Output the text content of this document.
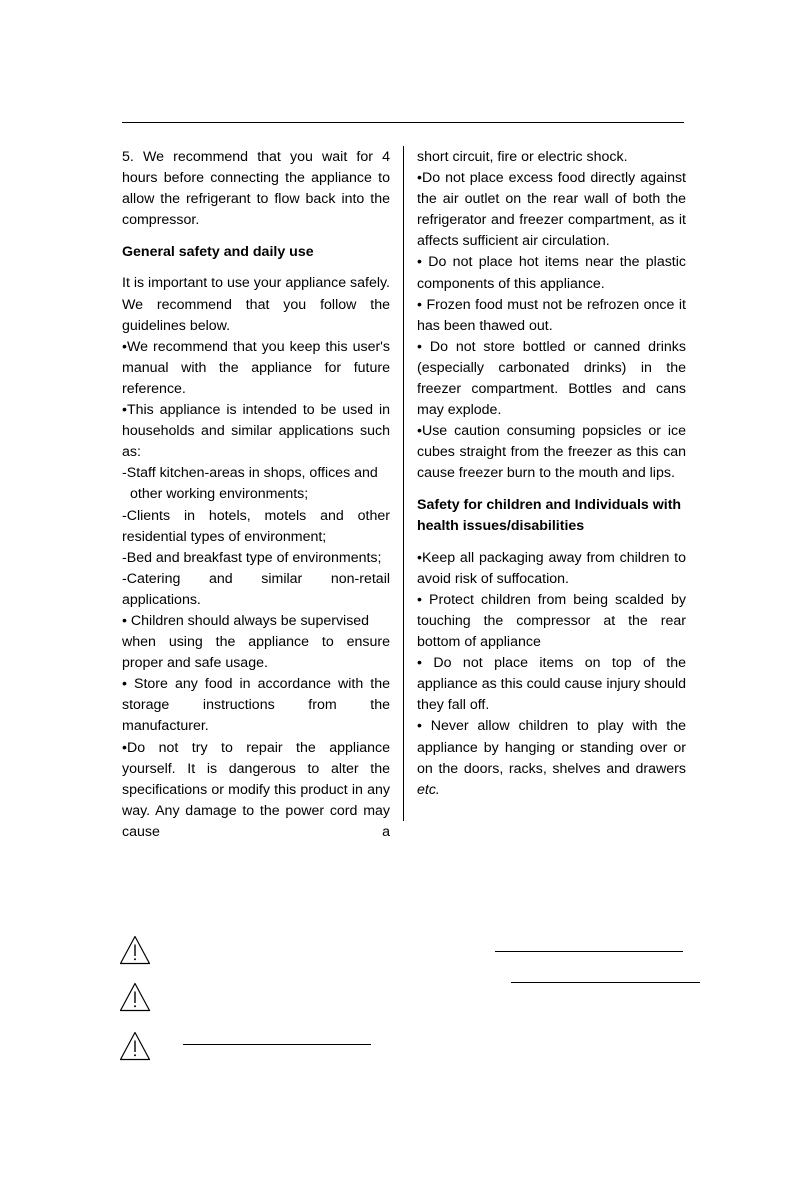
5. We recommend that you wait for 4 hours before connecting the appliance to allow the refrigerant to flow back into the compressor.

General safety and daily use

It is important to use your appliance safely. We recommend that you follow the guidelines below.

•We recommend that you keep this user's manual with the appliance for future reference.

•This appliance is intended to be used in households and similar applications such as:

-Staff kitchen-areas in shops, offices and other working environments;

-Clients in hotels, motels and other residential types of environment;

-Bed and breakfast type of environments;

-Catering and similar non-retail applications.

• Children should always be supervised

when using the appliance to ensure proper and safe usage.

• Store any food in accordance with the storage instructions from the manufacturer.

•Do not try to repair the appliance yourself. It is dangerous to alter the specifications or modify this product in any way. Any damage to the power cord may cause a

short circuit, fire or electric shock.

•Do not place excess food directly against the air outlet on the rear wall of both the refrigerator and freezer compartment, as it affects sufficient air circulation.

• Do not place hot items near the plastic components of this appliance.

• Frozen food must not be refrozen once it has been thawed out.

• Do not store bottled or canned drinks (especially carbonated drinks) in the freezer compartment. Bottles and cans may explode.

•Use caution consuming popsicles or ice cubes straight from the freezer as this can cause freezer burn to the mouth and lips.

Safety for children and Individuals with health issues/disabilities

•Keep all packaging away from children to avoid risk of suffocation.

• Protect children from being scalded by touching the compressor at the rear bottom of appliance

• Do not place items on top of the appliance as this could cause injury should they fall off.

• Never allow children to play with the appliance by hanging or standing over or on the doors, racks, shelves and drawers etc.
